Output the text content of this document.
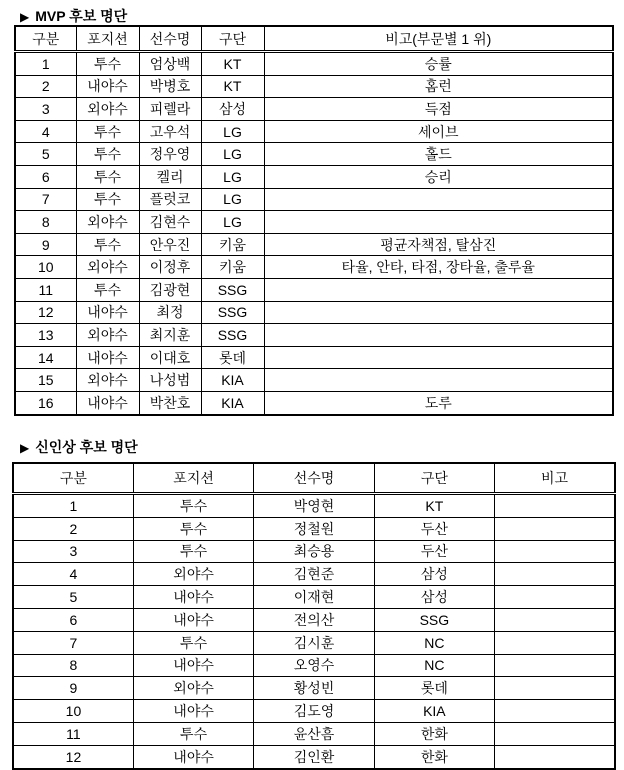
▶ MVP 후보 명단
구분	포지션	선수명	구단	비고(부문별 1 위)
1	투수	엄상백	KT	승률
2	내야수	박병호	KT	홈런
3	외야수	피렐라	삼성	득점
4	투수	고우석	LG	세이브
5	투수	정우영	LG	홀드
6	투수	켈리	LG	승리
7	투수	플럿코	LG	
8	외야수	김현수	LG	
9	투수	안우진	키움	평균자책점, 탈삼진
10	외야수	이정후	키움	타율, 안타, 타점, 장타율, 출루율
11	투수	김광현	SSG	
12	내야수	최정	SSG	
13	외야수	최지훈	SSG	
14	내야수	이대호	롯데	
15	외야수	나성범	KIA	
16	내야수	박찬호	KIA	도루
▶ 신인상 후보 명단
구분	포지션	선수명	구단	비고
1	투수	박영현	KT	
2	투수	정철원	두산	
3	투수	최승용	두산	
4	외야수	김현준	삼성	
5	내야수	이재현	삼성	
6	내야수	전의산	SSG	
7	투수	김시훈	NC	
8	내야수	오영수	NC	
9	외야수	황성빈	롯데	
10	내야수	김도영	KIA	
11	투수	윤산흠	한화	
12	내야수	김인환	한화	
